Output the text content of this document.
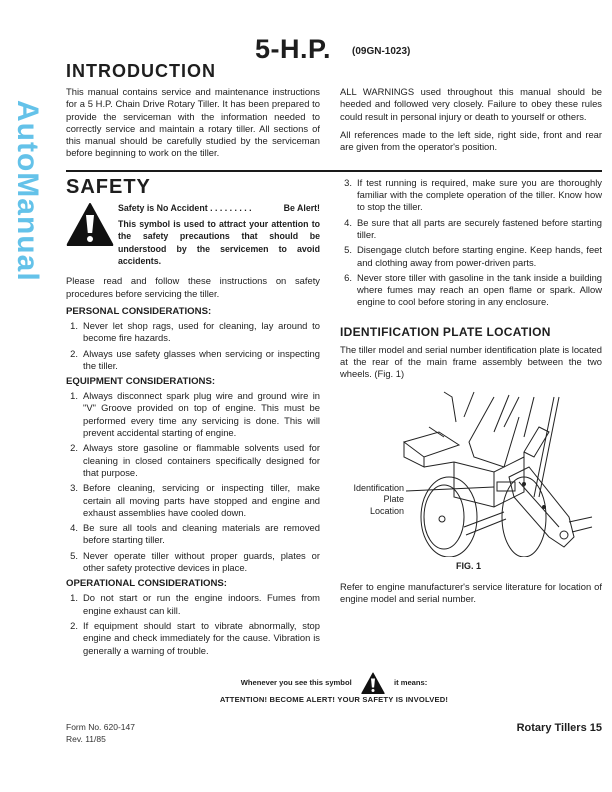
5-H.P. (09GN-1023)
INTRODUCTION

This manual contains service and maintenance instructions for a 5 H.P. Chain Drive Rotary Tiller. It has been prepared to provide the serviceman with the information needed to correctly service and maintain a rotary tiller. All sections of this manual should be carefully studied by the serviceman before beginning to work on the tiller.

ALL WARNINGS used throughout this manual should be heeded and followed very closely. Failure to obey these rules could result in personal injury or death to yourself or others.

All references made to the left side, right side, front and rear are given from the operator's position.

SAFETY
Safety is No Accident . . . . . . . . .	Be Alert!
This symbol is used to attract your attention to the safety precautions that should be understood by the servicemen to avoid accidents.

Please read and follow these instructions on safety procedures before servicing the tiller.

PERSONAL CONSIDERATIONS:
1. Never let shop rags, used for cleaning, lay around to become fire hazards.
2. Always use safety glasses when servicing or inspecting the tiller.
EQUIPMENT CONSIDERATIONS:
1. Always disconnect spark plug wire and ground wire in "V" Groove provided on top of engine. This must be performed every time any servicing is done. This will prevent accidental starting of engine.
2. Always store gasoline or flammable solvents used for cleaning in closed containers specifically designed for that purpose.
3. Before cleaning, servicing or inspecting tiller, make certain all moving parts have stopped and engine and exhaust assemblies have cooled down.
4. Be sure all tools and cleaning materials are removed before starting tiller.
5. Never operate tiller without proper guards, plates or other safety protective devices in place.
OPERATIONAL CONSIDERATIONS:
1. Do not start or run the engine indoors. Fumes from engine exhaust can kill.
2. If equipment should start to vibrate abnormally, stop engine and check immediately for the cause. Vibration is generally a warning of trouble.
3. If test running is required, make sure you are thoroughly familiar with the complete operation of the tiller. Know how to stop the tiller.
4. Be sure that all parts are securely fastened before starting tiller.
5. Disengage clutch before starting engine. Keep hands, feet and clothing away from power-driven parts.
6. Never store tiller with gasoline in the tank inside a building where fumes may reach an open flame or spark. Allow engine to cool before storing in any enclosure.
IDENTIFICATION PLATE LOCATION

The tiller model and serial number identification plate is located at the rear of the main frame assembly between the two wheels. (Fig. 1)

Identification
Plate
Location
FIG. 1

Refer to engine manufacturer's service literature for location of engine model and serial number.

Whenever you see this symbol	it means:
ATTENTION! BECOME ALERT! YOUR SAFETY IS INVOLVED!
Form No. 620-147
Rev. 11/85
Rotary Tillers 15
AutoManual
